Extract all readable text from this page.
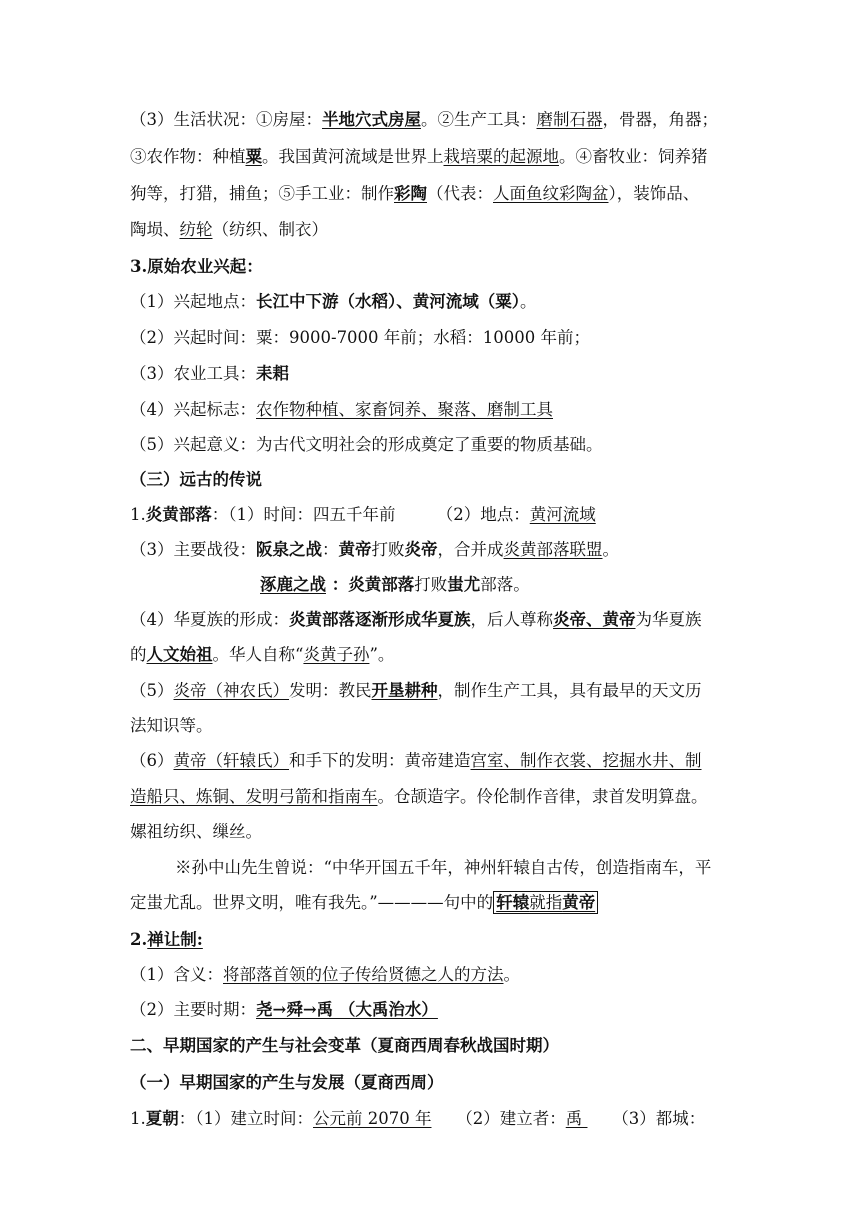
（3）生活状况：①房屋：半地穴式房屋。②生产工具：磨制石器，骨器，角器；
③农作物：种植粟。我国黄河流域是世界上栽培粟的起源地。④畜牧业：饲养猪
狗等，打猎，捕鱼；⑤手工业：制作彩陶（代表：人面鱼纹彩陶盆），装饰品、
陶埙、纺轮（纺织、制衣）
3.原始农业兴起：
（1）兴起地点：长江中下游（水稻）、黄河流域（粟）。
（2）兴起时间：粟：9000-7000 年前；水稻：10000 年前；
（3）农业工具：耒耜
（4）兴起标志：农作物种植、家畜饲养、聚落、磨制工具
（5）兴起意义：为古代文明社会的形成奠定了重要的物质基础。
（三）远古的传说
1.炎黄部落：（1）时间：四五千年前　　　（2）地点：黄河流域
（3）主要战役：阪泉之战：黄帝打败炎帝，合并成炎黄部落联盟。
涿鹿之战 ：炎黄部落打败蚩尤部落。
（4）华夏族的形成：炎黄部落逐渐形成华夏族，后人尊称炎帝、黄帝为华夏族
的人文始祖。华人自称“炎黄子孙”。
（5）炎帝（神农氏）发明：教民开垦耕种，制作生产工具，具有最早的天文历
法知识等。
（6）黄帝（轩辕氏）和手下的发明：黄帝建造宫室、制作衣裳、挖掘水井、制
造船只、炼铜、发明弓箭和指南车。仓颉造字。伶伦制作音律，隶首发明算盘。
嫘祖纺织、缫丝。
※孙中山先生曾说：“中华开国五千年，神州轩辕自古传，创造指南车，平
定蚩尤乱。世界文明，唯有我先。”————句中的 轩辕就指黄帝
2.禅让制:
（1）含义：将部落首领的位子传给贤德之人的方法。
（2）主要时期：尧→舜→禹 （大禹治水）
二、早期国家的产生与社会变革（夏商西周春秋战国时期）
（一）早期国家的产生与发展（夏商西周）
1.夏朝：（1）建立时间：公元前 2070 年　　（2）建立者：禹 　　（3）都城：
